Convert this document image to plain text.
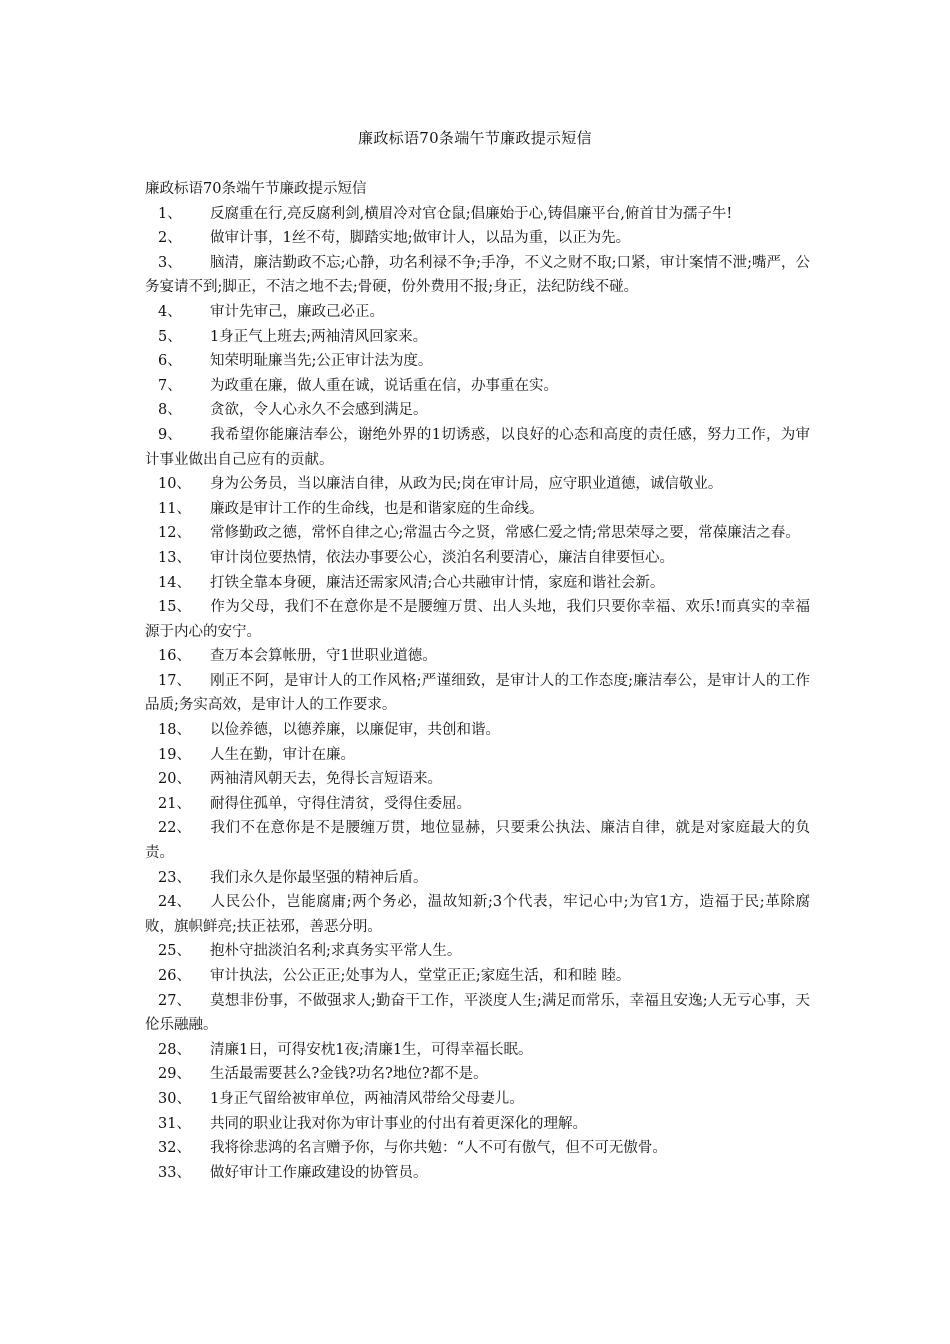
廉政标语70条端午节廉政提示短信

廉政标语70条端午节廉政提示短信

1、 反腐重在行,亮反腐利剑,横眉冷对官仓鼠;倡廉始于心,铸倡廉平台,俯首甘为孺子牛!
2、 做审计事，1丝不苟，脚踏实地;做审计人，以品为重，以正为先。
3、 脑清，廉洁勤政不忘;心静，功名利禄不争;手净，不义之财不取;口紧，审计案情不泄;嘴严，公务宴请不到;脚正，不洁之地不去;骨硬，份外费用不报;身正，法纪防线不碰。
4、 审计先审己，廉政己必正。
5、 1身正气上班去;两袖清风回家来。
6、 知荣明耻廉当先;公正审计法为度。
7、 为政重在廉，做人重在诚，说话重在信，办事重在实。
8、 贪欲，令人心永久不会感到满足。
9、 我希望你能廉洁奉公，谢绝外界的1切诱惑，以良好的心态和高度的责任感，努力工作，为审计事业做出自己应有的贡献。
10、 身为公务员，当以廉洁自律，从政为民;岗在审计局，应守职业道德，诚信敬业。
11、 廉政是审计工作的生命线，也是和谐家庭的生命线。
12、 常修勤政之德，常怀自律之心;常温古今之贤，常感仁爱之情;常思荣辱之要，常葆廉洁之春。
13、 审计岗位要热情，依法办事要公心，淡泊名利要清心，廉洁自律要恒心。
14、 打铁全靠本身硬，廉洁还需家风清;合心共融审计情，家庭和谐社会新。
15、 作为父母，我们不在意你是不是腰缠万贯、出人头地，我们只要你幸福、欢乐!而真实的幸福源于内心的安宁。
16、 查万本会算帐册，守1世职业道德。
17、 刚正不阿，是审计人的工作风格;严谨细致，是审计人的工作态度;廉洁奉公，是审计人的工作品质;务实高效，是审计人的工作要求。
18、 以俭养德，以德养廉，以廉促审，共创和谐。
19、 人生在勤，审计在廉。
20、 两袖清风朝天去，免得长言短语来。
21、 耐得住孤单，守得住清贫，受得住委屈。
22、 我们不在意你是不是腰缠万贯，地位显赫，只要秉公执法、廉洁自律，就是对家庭最大的负责。
23、 我们永久是你最坚强的精神后盾。
24、 人民公仆，岂能腐庸;两个务必，温故知新;3个代表，牢记心中;为官1方，造福于民;革除腐败，旗帜鲜亮;扶正祛邪，善恶分明。
25、 抱朴守拙淡泊名利;求真务实平常人生。
26、 审计执法，公公正正;处事为人，堂堂正正;家庭生活，和和睦 睦。
27、 莫想非份事，不做强求人;勤奋干工作，平淡度人生;满足而常乐，幸福且安逸;人无亏心事，天伦乐融融。
28、 清廉1日，可得安枕1夜;清廉1生，可得幸福长眠。
29、 生活最需要甚么?金钱?功名?地位?都不是。
30、 1身正气留给被审单位，两袖清风带给父母妻儿。
31、 共同的职业让我对你为审计事业的付出有着更深化的理解。
32、 我将徐悲鸿的名言赠予你，与你共勉：“人不可有傲气，但不可无傲骨。
33、 做好审计工作廉政建设的协管员。
